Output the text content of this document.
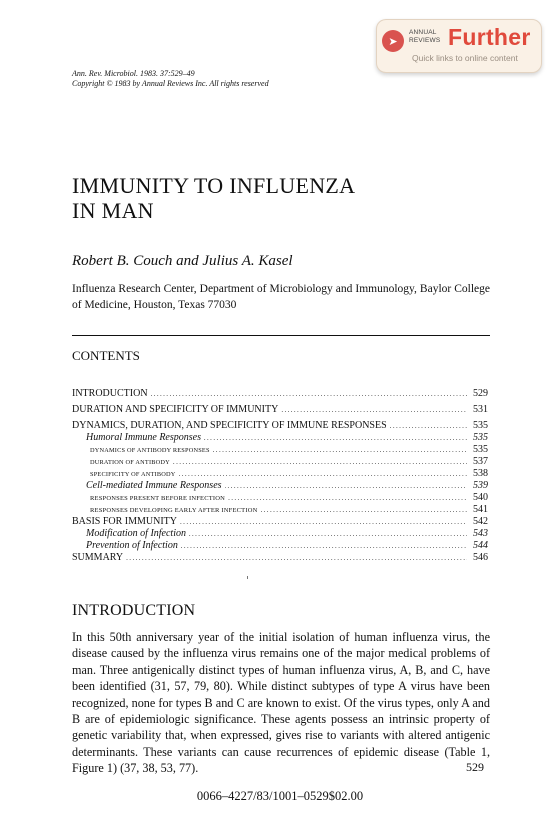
➤
ANNUAL
REVIEWS Further
Quick links to online content
Ann. Rev. Microbiol. 1983. 37:529–49
Copyright © 1983 by Annual Reviews Inc. All rights reserved
IMMUNITY TO INFLUENZA
IN MAN
Robert B. Couch and Julius A. Kasel
Influenza Research Center, Department of Microbiology and Immunology, Baylor College of Medicine, Houston, Texas 77030
CONTENTS
INTRODUCTION .....	529
DURATION AND SPECIFICITY OF IMMUNITY .....	531
DYNAMICS, DURATION, AND SPECIFICITY OF IMMUNE RESPONSES .....	535
Humoral Immune Responses .....	535
DYNAMICS OF ANTIBODY RESPONSES .....	535
DURATION OF ANTIBODY .....	537
SPECIFICITY OF ANTIBODY .....	538
Cell-mediated Immune Responses .....	539
RESPONSES PRESENT BEFORE INFECTION .....	540
RESPONSES DEVELOPING EARLY AFTER INFECTION .....	541
BASIS FOR IMMUNITY .....	542
Modification of Infection .....	543
Prevention of Infection .....	544
SUMMARY .....	546
INTRODUCTION
In this 50th anniversary year of the initial isolation of human influenza virus, the disease caused by the influenza virus remains one of the major medical problems of man. Three antigenically distinct types of human influenza virus, A, B, and C, have been identified (31, 57, 79, 80). While distinct subtypes of type A virus have been recognized, none for types B and C are known to exist. Of the virus types, only A and B are of epidemiologic significance. These agents possess an intrinsic property of genetic variability that, when expressed, gives rise to variants with altered antigenic determinants. These variants can cause recurrences of epidemic disease (Table 1, Figure 1) (37, 38, 53, 77).	529
0066–4227/83/1001–0529$02.00
